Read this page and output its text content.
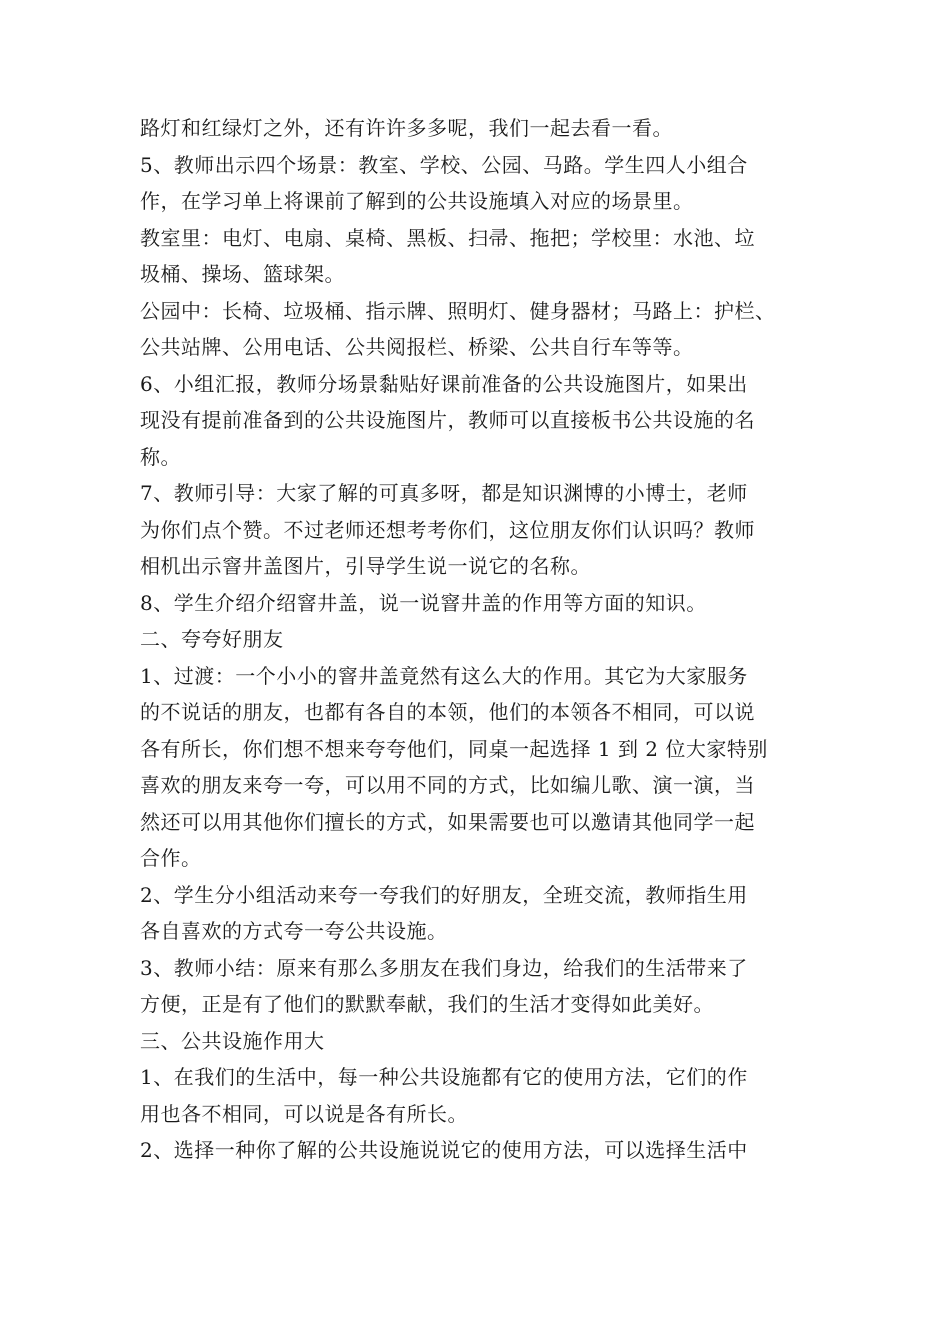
路灯和红绿灯之外，还有许许多多呢，我们一起去看一看。
5、教师出示四个场景：教室、学校、公园、马路。学生四人小组合
作，在学习单上将课前了解到的公共设施填入对应的场景里。
教室里：电灯、电扇、桌椅、黑板、扫帚、拖把；学校里：水池、垃
圾桶、操场、篮球架。
公园中：长椅、垃圾桶、指示牌、照明灯、健身器材；马路上：护栏、
公共站牌、公用电话、公共阅报栏、桥梁、公共自行车等等。
6、小组汇报，教师分场景黏贴好课前准备的公共设施图片，如果出
现没有提前准备到的公共设施图片，教师可以直接板书公共设施的名
称。
7、教师引导：大家了解的可真多呀，都是知识渊博的小博士，老师
为你们点个赞。不过老师还想考考你们，这位朋友你们认识吗？教师
相机出示窨井盖图片，引导学生说一说它的名称。
8、学生介绍介绍窨井盖，说一说窨井盖的作用等方面的知识。
二、夸夸好朋友
1、过渡：一个小小的窨井盖竟然有这么大的作用。其它为大家服务
的不说话的朋友，也都有各自的本领，他们的本领各不相同，可以说
各有所长，你们想不想来夸夸他们，同桌一起选择 1 到 2 位大家特别
喜欢的朋友来夸一夸，可以用不同的方式，比如编儿歌、演一演，当
然还可以用其他你们擅长的方式，如果需要也可以邀请其他同学一起
合作。
2、学生分小组活动来夸一夸我们的好朋友，全班交流，教师指生用
各自喜欢的方式夸一夸公共设施。
3、教师小结：原来有那么多朋友在我们身边，给我们的生活带来了
方便，正是有了他们的默默奉献，我们的生活才变得如此美好。
三、公共设施作用大
1、在我们的生活中，每一种公共设施都有它的使用方法，它们的作
用也各不相同，可以说是各有所长。
2、选择一种你了解的公共设施说说它的使用方法，可以选择生活中
